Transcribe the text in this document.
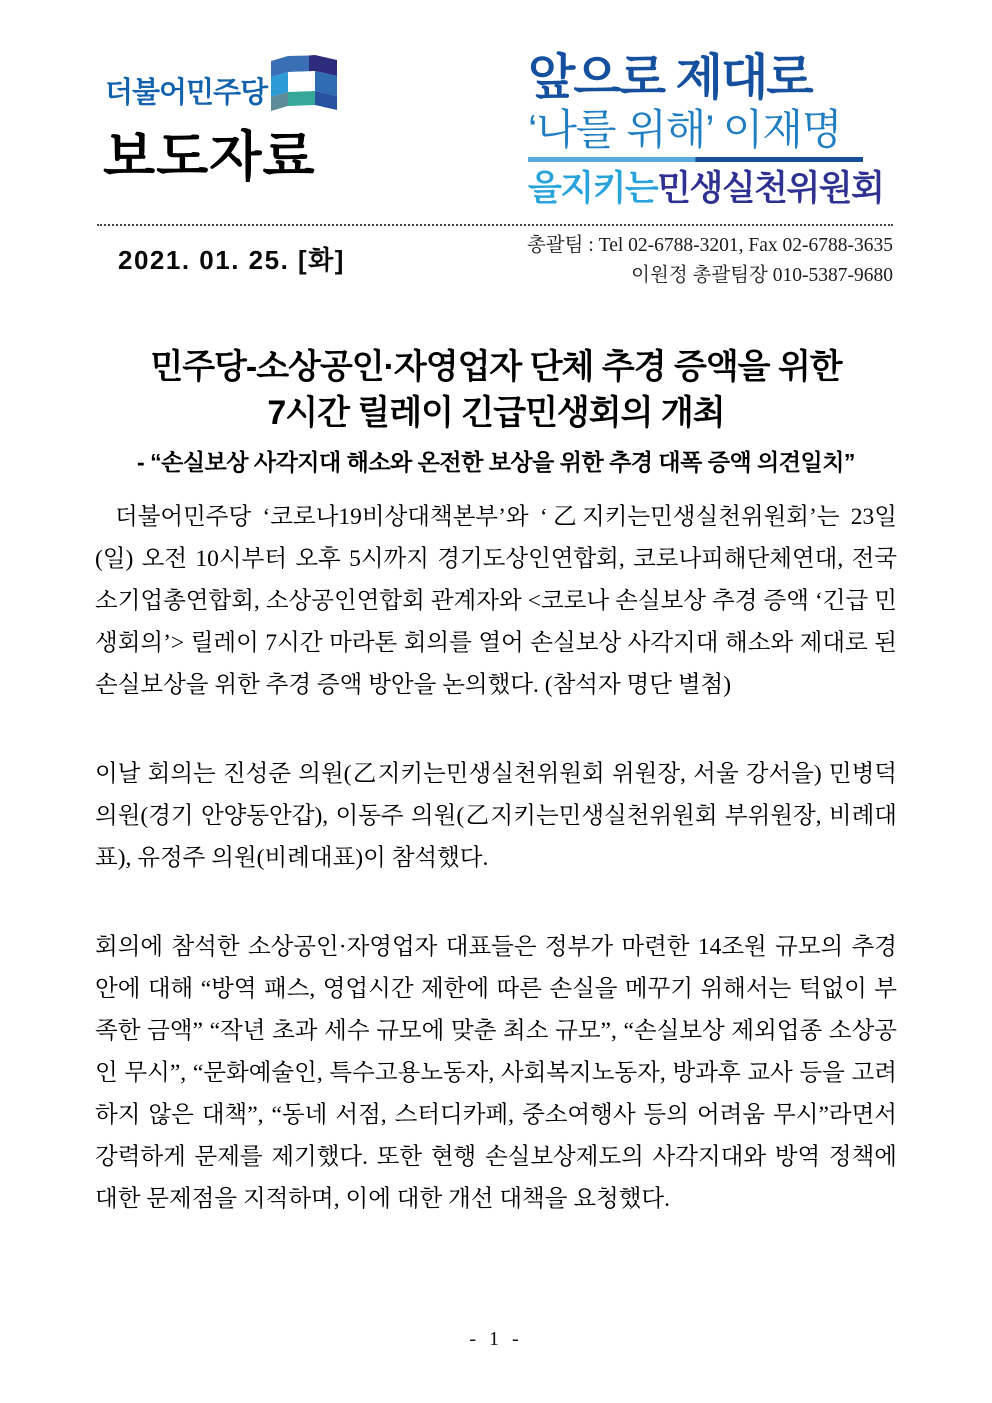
더불어민주당
보도자료
앞으로 제대로
‘나를 위해’ 이재명
을지키는민생실천위원회
2021. 01. 25. [화]	총괄팀 : Tel 02-6788-3201, Fax 02-6788-3635
이원정 총괄팀장 010-5387-9680
민주당-소상공인·자영업자 단체 추경 증액을 위한
7시간 릴레이 긴급민생회의 개최
- “손실보상 사각지대 해소와 온전한 보상을 위한 추경 대폭 증액 의견일치”

더불어민주당 ‘코로나19비상대책본부’와 ‘乙지키는민생실천위원회’는 23일(일) 오전 10시부터 오후 5시까지 경기도상인연합회, 코로나피해단체연대, 전국소기업총연합회, 소상공인연합회 관계자와 <코로나 손실보상 추경 증액 ‘긴급 민생회의’> 릴레이 7시간 마라톤 회의를 열어 손실보상 사각지대 해소와 제대로 된 손실보상을 위한 추경 증액 방안을 논의했다. (참석자 명단 별첨)

이날 회의는 진성준 의원(乙지키는민생실천위원회 위원장, 서울 강서을) 민병덕 의원(경기 안양동안갑), 이동주 의원(乙지키는민생실천위원회 부위원장, 비례대표), 유정주 의원(비례대표)이 참석했다.

회의에 참석한 소상공인·자영업자 대표들은 정부가 마련한 14조원 규모의 추경안에 대해 “방역 패스, 영업시간 제한에 따른 손실을 메꾸기 위해서는 턱없이 부족한 금액” “작년 초과 세수 규모에 맞춘 최소 규모”, “손실보상 제외업종 소상공인 무시”, “문화예술인, 특수고용노동자, 사회복지노동자, 방과후 교사 등을 고려하지 않은 대책”, “동네 서점, 스터디카페, 중소여행사 등의 어려움 무시”라면서 강력하게 문제를 제기했다. 또한 현행 손실보상제도의 사각지대와 방역 정책에 대한 문제점을 지적하며, 이에 대한 개선 대책을 요청했다.

- 1 -
